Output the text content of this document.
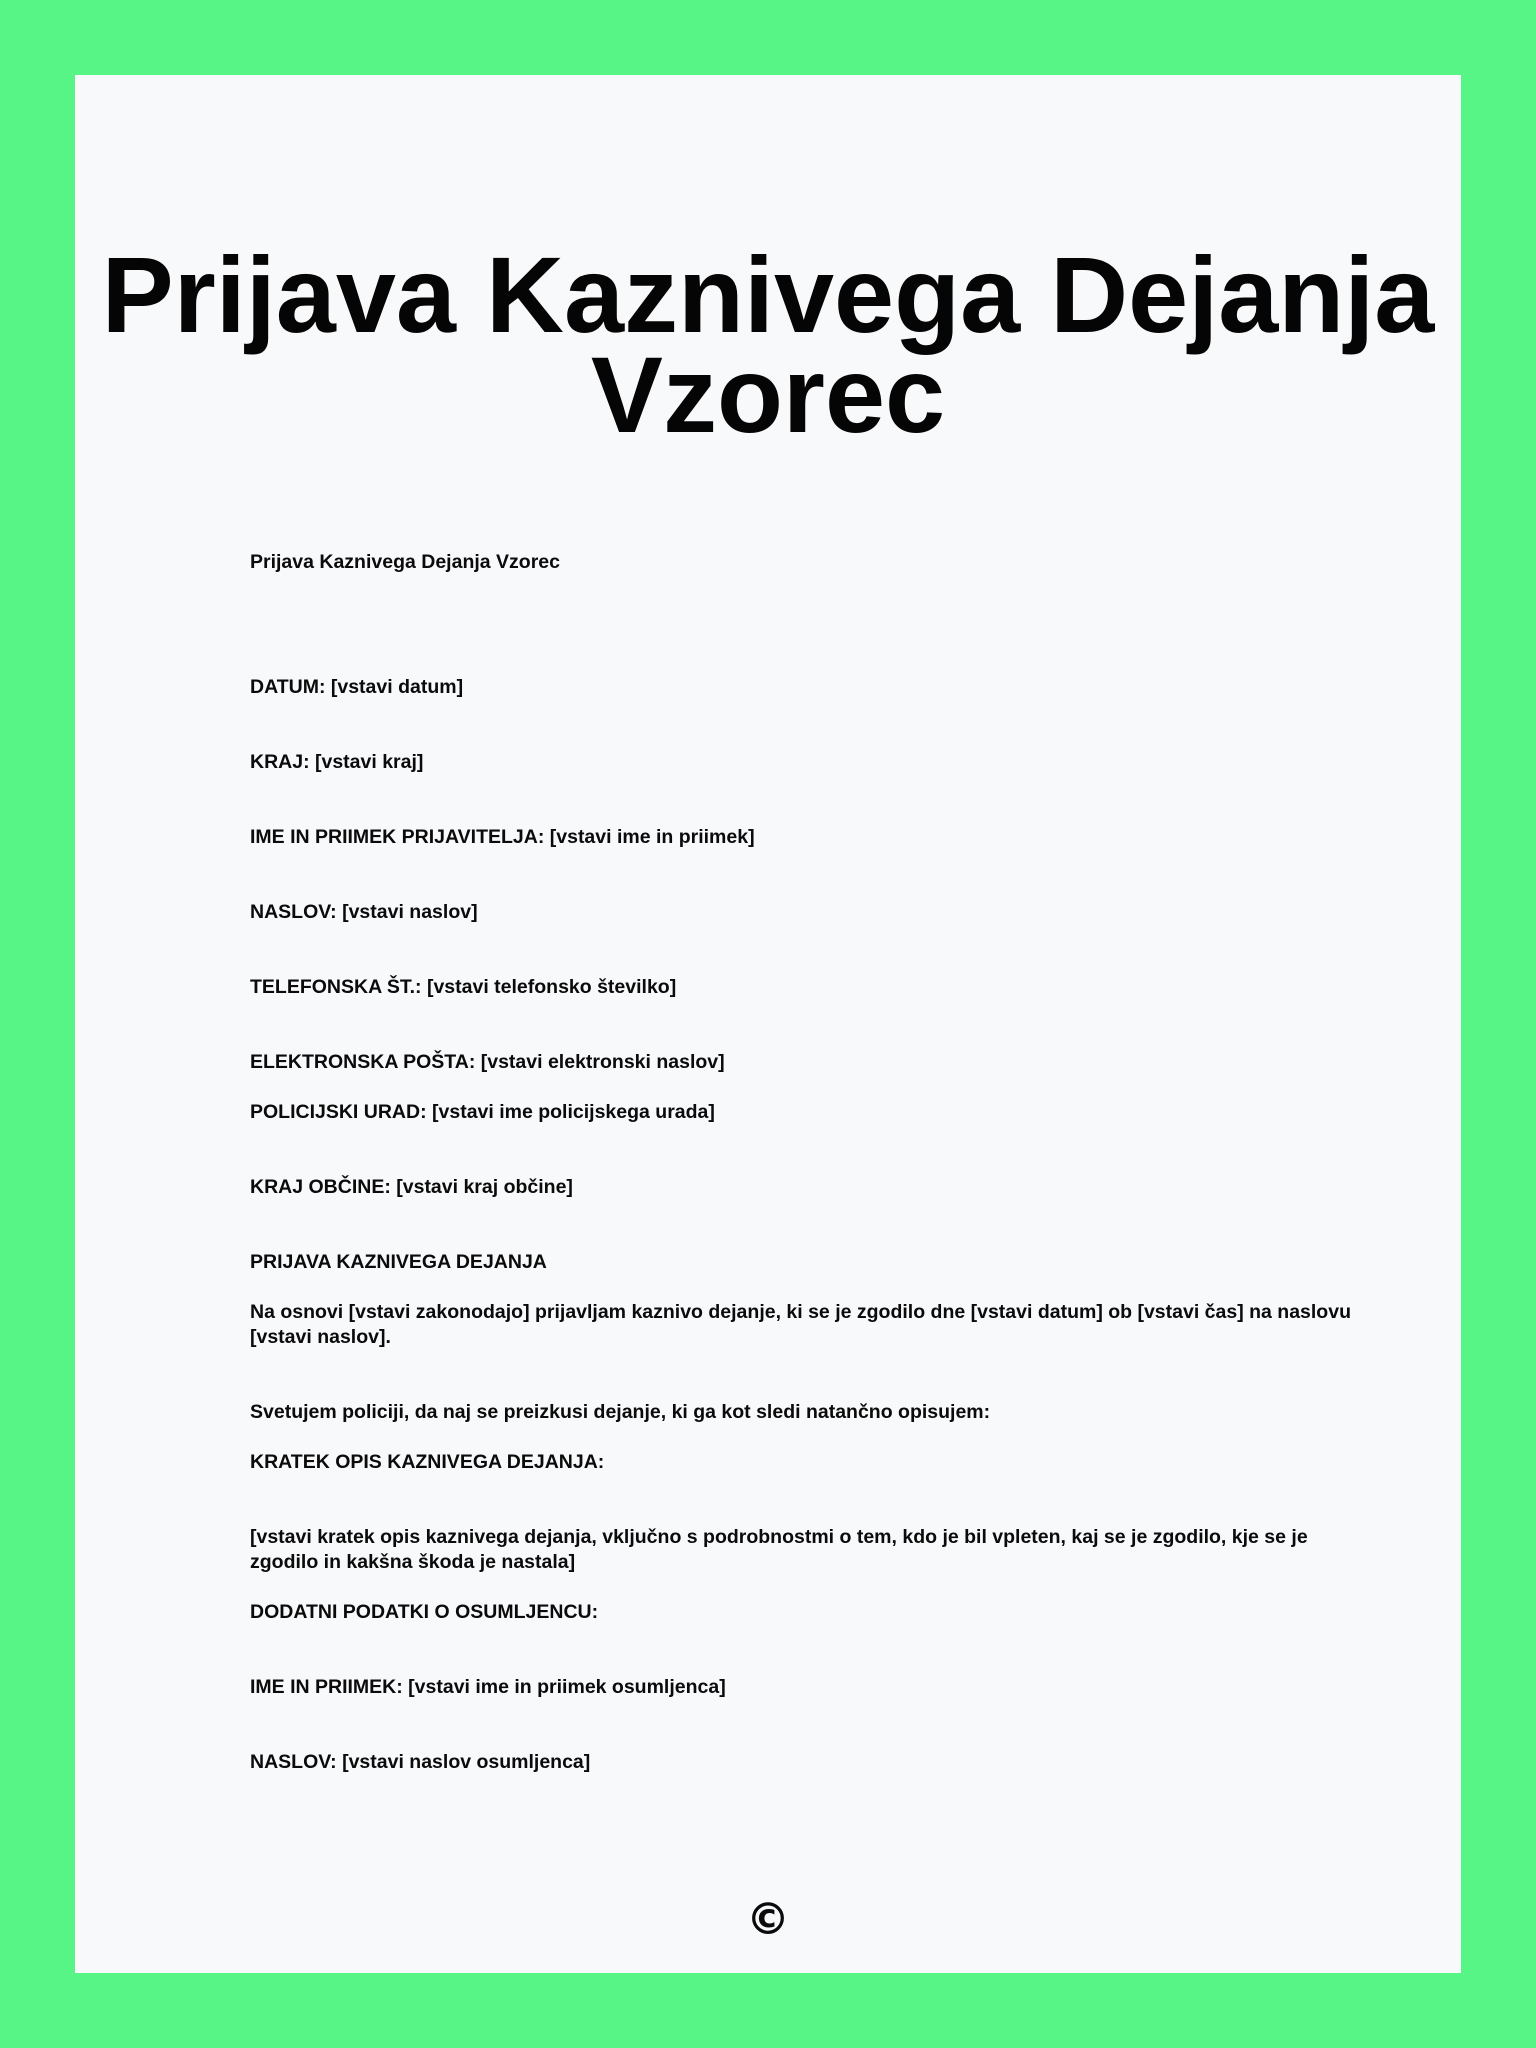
Prijava Kaznivega Dejanja Vzorec

Prijava Kaznivega Dejanja Vzorec

DATUM: [vstavi datum]

KRAJ: [vstavi kraj]

IME IN PRIIMEK PRIJAVITELJA: [vstavi ime in priimek]

NASLOV: [vstavi naslov]

TELEFONSKA ŠT.: [vstavi telefonsko številko]

ELEKTRONSKA POŠTA: [vstavi elektronski naslov]

POLICIJSKI URAD: [vstavi ime policijskega urada]

KRAJ OBČINE: [vstavi kraj občine]

PRIJAVA KAZNIVEGA DEJANJA

Na osnovi [vstavi zakonodajo] prijavljam kaznivo dejanje, ki se je zgodilo dne [vstavi datum] ob [vstavi čas] na naslovu [vstavi naslov].

Svetujem policiji, da naj se preizkusi dejanje, ki ga kot sledi natančno opisujem:

KRATEK OPIS KAZNIVEGA DEJANJA:

[vstavi kratek opis kaznivega dejanja, vključno s podrobnostmi o tem, kdo je bil vpleten, kaj se je zgodilo, kje se je zgodilo in kakšna škoda je nastala]

DODATNI PODATKI O OSUMLJENCU:

IME IN PRIIMEK: [vstavi ime in priimek osumljenca]

NASLOV: [vstavi naslov osumljenca]

©
